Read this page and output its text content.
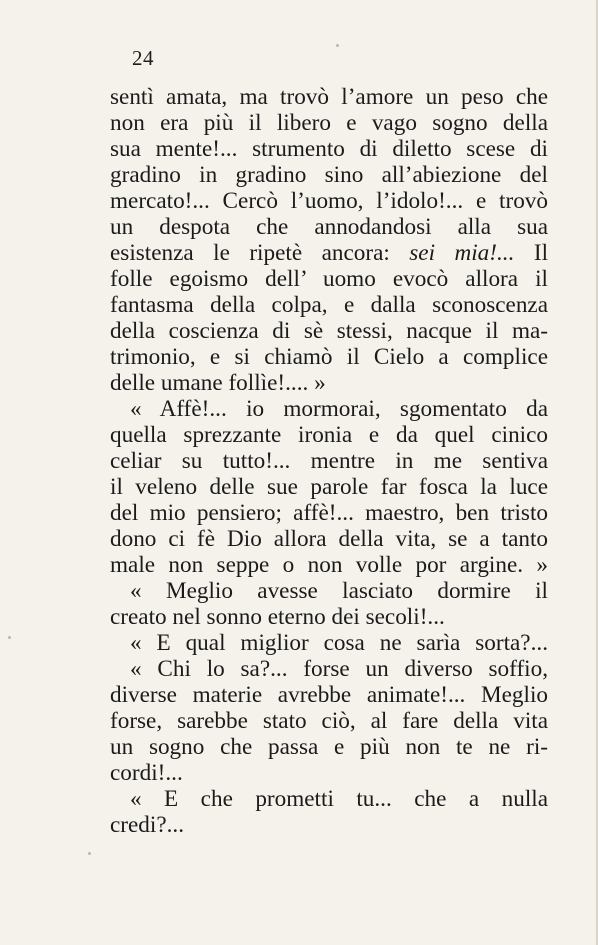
24
sentì amata, ma trovò l’amore un peso che
non era più il libero e vago sogno della
sua mente!... strumento di diletto scese di
gradino in gradino sino all’abiezione del
mercato!... Cercò l’uomo, l’idolo!... e trovò
un despota che annodandosi alla sua
esistenza le ripetè ancora: sei mia!... Il
folle egoismo dell’ uomo evocò allora il
fantasma della colpa, e dalla sconoscenza
della coscienza di sè stessi, nacque il ma-
trimonio, e si chiamò il Cielo a complice
delle umane follìe!.... »
« Affè!... io mormorai, sgomentato da
quella sprezzante ironia e da quel cinico
celiar su tutto!... mentre in me sentiva
il veleno delle sue parole far fosca la luce
del mio pensiero; affè!... maestro, ben tristo
dono ci fè Dio allora della vita, se a tanto
male non seppe o non volle por argine. »
« Meglio avesse lasciato dormire il
creato nel sonno eterno dei secoli!...
« E qual miglior cosa ne sarìa sorta?...
« Chi lo sa?... forse un diverso soffio,
diverse materie avrebbe animate!... Meglio
forse, sarebbe stato ciò, al fare della vita
un sogno che passa e più non te ne ri-
cordi!...
« E che prometti tu... che a nulla
credi?...
